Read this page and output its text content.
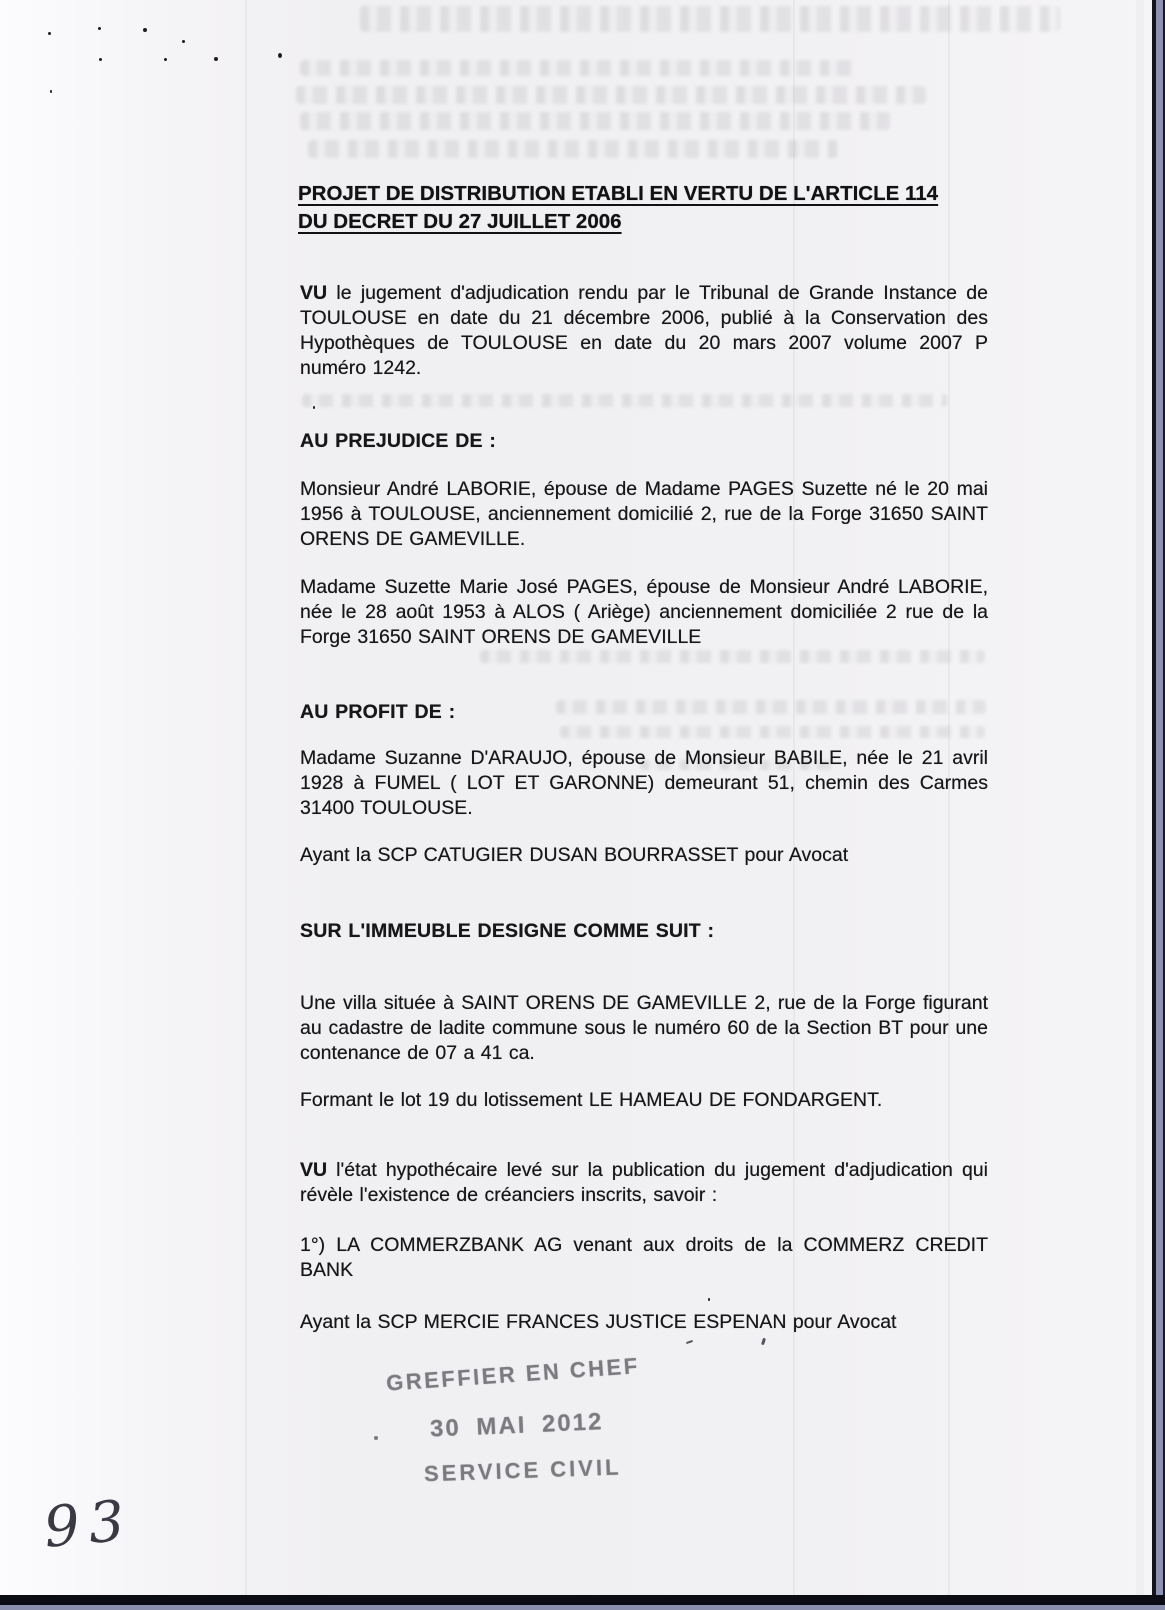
PROJET DE DISTRIBUTION ETABLI EN VERTU DE L'ARTICLE 114
DU DECRET DU 27 JUILLET 2006
VU le jugement d'adjudication rendu par le Tribunal de Grande Instance de TOULOUSE en date du 21 décembre 2006, publié à la Conservation des Hypothèques de TOULOUSE en date du 20 mars 2007 volume 2007 P numéro 1242.
AU PREJUDICE DE :
Monsieur André LABORIE, épouse de Madame PAGES Suzette né le 20 mai 1956 à TOULOUSE, anciennement domicilié 2, rue de la Forge 31650 SAINT ORENS DE GAMEVILLE.
Madame Suzette Marie José PAGES, épouse de Monsieur André LABORIE, née le 28 août 1953 à ALOS ( Ariège) anciennement domiciliée 2 rue de la Forge 31650 SAINT ORENS DE GAMEVILLE
AU PROFIT DE :
Madame Suzanne D'ARAUJO, épouse de Monsieur BABILE, née le 21 avril 1928 à FUMEL ( LOT ET GARONNE) demeurant 51, chemin des Carmes 31400 TOULOUSE.
Ayant la SCP CATUGIER DUSAN BOURRASSET pour Avocat
SUR L'IMMEUBLE DESIGNE COMME SUIT :
Une villa située à SAINT ORENS DE GAMEVILLE 2, rue de la Forge figurant au cadastre de ladite commune sous le numéro 60 de la Section BT pour une contenance de 07 a 41 ca.
Formant le lot 19 du lotissement LE HAMEAU DE FONDARGENT.
VU l'état hypothécaire levé sur la publication du jugement d'adjudication qui révèle l'existence de créanciers inscrits, savoir :
1°) LA COMMERZBANK AG venant aux droits de la COMMERZ CREDIT BANK
Ayant la SCP MERCIE FRANCES JUSTICE ESPENAN pour Avocat
GREFFIER EN CHEF
30 MAI 2012
SERVICE CIVIL
93
